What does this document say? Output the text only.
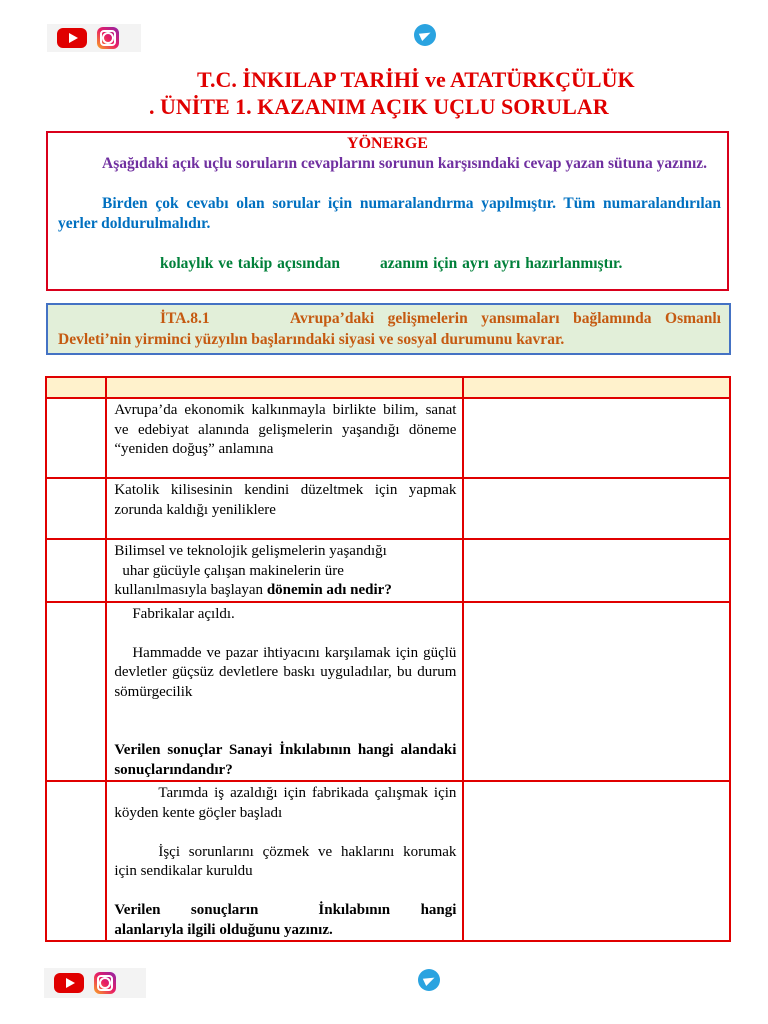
T.C. İNKILAP TARİHİ ve ATATÜRKÇÜLÜK
. ÜNİTE 1. KAZANIM AÇIK UÇLU SORULAR
YÖNERGE

Aşağıdaki açık uçlu soruların cevaplarını sorunun karşısındaki cevap yazan sütuna yazınız.

Birden çok cevabı olan sorular için numaralandırma yapılmıştır. Tüm numaralandırılan yerler doldurulmalıdır.

kolaylık ve takip açısından	azanım için ayrı ayrı hazırlanmıştır.

İTA.8.1	Avrupa’daki gelişmelerin yansımaları bağlamında Osmanlı Devleti’nin yirminci yüzyılın başlarındaki siyasi ve sosyal durumunu kavrar.

	Avrupa’da ekonomik kalkınmayla birlikte bilim, sanat ve edebiyat alanında gelişmelerin yaşandığı döneme “yeniden doğuş” anlamına	

	Katolik kilisesinin kendini düzeltmek için yapmak zorunda kaldığı yeniliklere	

	Bilimsel ve teknolojik gelişmelerin yaşandığı

uhar gücüyle çalışan makinelerin üre

kullanılmasıyla başlayan dönemin adı nedir?	

	Fabrikalar açıldı.

Hammadde ve pazar ihtiyacını karşılamak için güçlü devletler güçsüz devletlere baskı uyguladılar, bu durum sömürgecilik

Verilen sonuçlar Sanayi İnkılabının hangi alandaki sonuçlarındandır?	

	Tarımda iş azaldığı için fabrikada çalışmak için köyden kente göçler başladı

İşçi sorunlarını çözmek ve haklarını korumak için sendikalar kuruldu

Verilen sonuçların İnkılabının hangi alanlarıyla ilgili olduğunu yazınız.	
